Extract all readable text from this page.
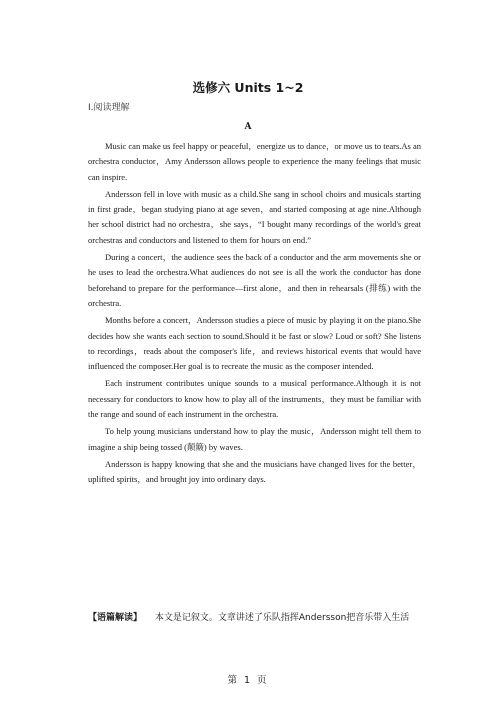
选修六 Units 1~2
Ⅰ.阅读理解
A

Music can make us feel happy or peaceful，energize us to dance，or move us to tears.As an orchestra conductor，Amy Andersson allows people to experience the many feelings that music can inspire.

Andersson fell in love with music as a child.She sang in school choirs and musicals starting in first grade，began studying piano at age seven，and started composing at age nine.Although her school district had no orchestra，she says，“I bought many recordings of the world's great orchestras and conductors and listened to them for hours on end.”

During a concert，the audience sees the back of a conductor and the arm movements she or he uses to lead the orchestra.What audiences do not see is all the work the conductor has done beforehand to prepare for the performance—first alone，and then in rehearsals (排练) with the orchestra.

Months before a concert，Andersson studies a piece of music by playing it on the piano.She decides how she wants each section to sound.Should it be fast or slow? Loud or soft? She listens to recordings，reads about the composer's life，and reviews historical events that would have influenced the composer.Her goal is to recreate the music as the composer intended.

Each instrument contributes unique sounds to a musical performance.Although it is not necessary for conductors to know how to play all of the instruments，they must be familiar with the range and sound of each instrument in the orchestra.

To help young musicians understand how to play the music，Andersson might tell them to imagine a ship being tossed (颠簸) by waves.

Andersson is happy knowing that she and the musicians have changed lives for the better，uplifted spirits，and brought joy into ordinary days.

【语篇解读】 本文是记叙文。文章讲述了乐队指挥Andersson把音乐带入生活
第 1 页
